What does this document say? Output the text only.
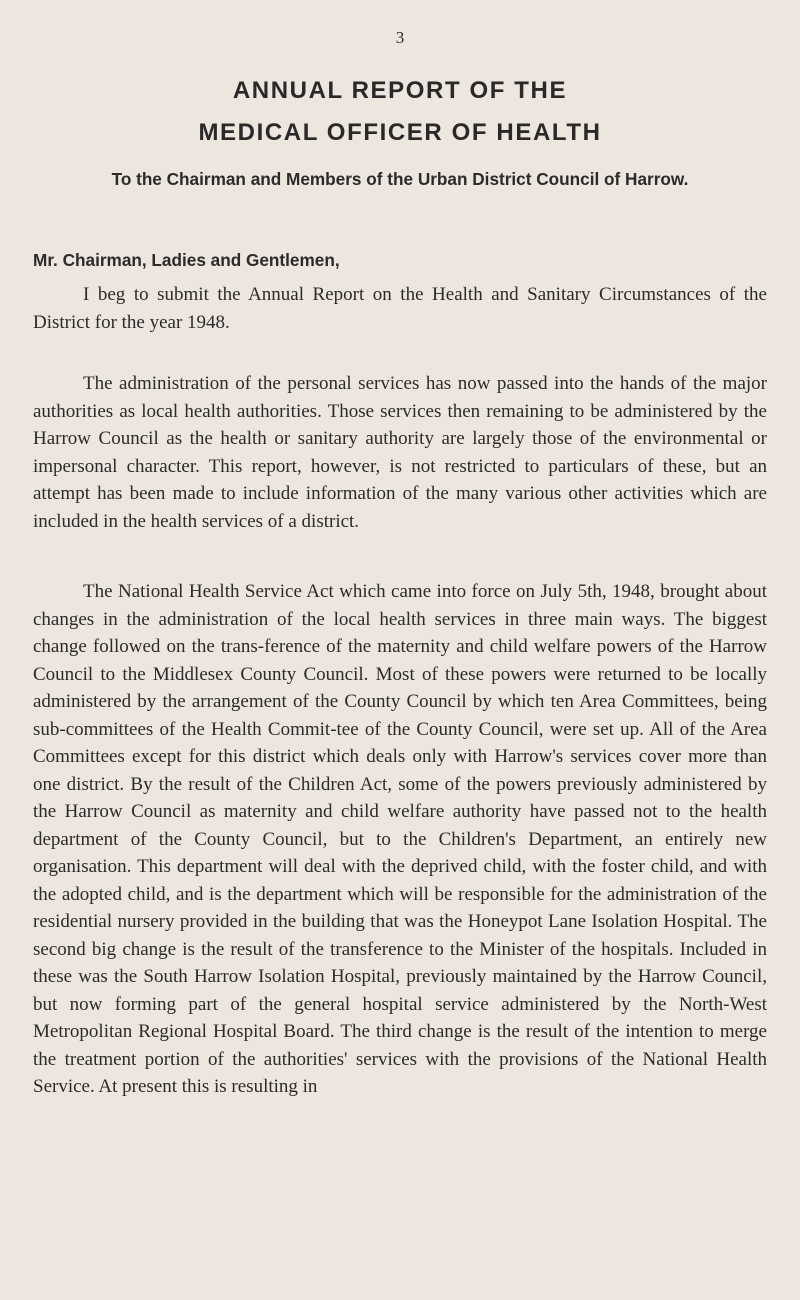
3
ANNUAL REPORT OF THE
MEDICAL OFFICER OF HEALTH
To the Chairman and Members of the Urban District Council of Harrow.
Mr. Chairman, Ladies and Gentlemen,

I beg to submit the Annual Report on the Health and Sanitary Circumstances of the District for the year 1948.

The administration of the personal services has now passed into the hands of the major authorities as local health authorities. Those services then remaining to be administered by the Harrow Council as the health or sanitary authority are largely those of the environmental or impersonal character. This report, however, is not restricted to particulars of these, but an attempt has been made to include information of the many various other activities which are included in the health services of a district.

The National Health Service Act which came into force on July 5th, 1948, brought about changes in the administration of the local health services in three main ways. The biggest change followed on the trans-ference of the maternity and child welfare powers of the Harrow Council to the Middlesex County Council. Most of these powers were returned to be locally administered by the arrangement of the County Council by which ten Area Committees, being sub-committees of the Health Commit-tee of the County Council, were set up. All of the Area Committees except for this district which deals only with Harrow's services cover more than one district. By the result of the Children Act, some of the powers previously administered by the Harrow Council as maternity and child welfare authority have passed not to the health department of the County Council, but to the Children's Department, an entirely new organisation. This department will deal with the deprived child, with the foster child, and with the adopted child, and is the department which will be responsible for the administration of the residential nursery provided in the building that was the Honeypot Lane Isolation Hospital. The second big change is the result of the transference to the Minister of the hospitals. Included in these was the South Harrow Isolation Hospital, previously maintained by the Harrow Council, but now forming part of the general hospital service administered by the North-West Metropolitan Regional Hospital Board. The third change is the result of the intention to merge the treatment portion of the authorities' services with the provisions of the National Health Service. At present this is resulting in
